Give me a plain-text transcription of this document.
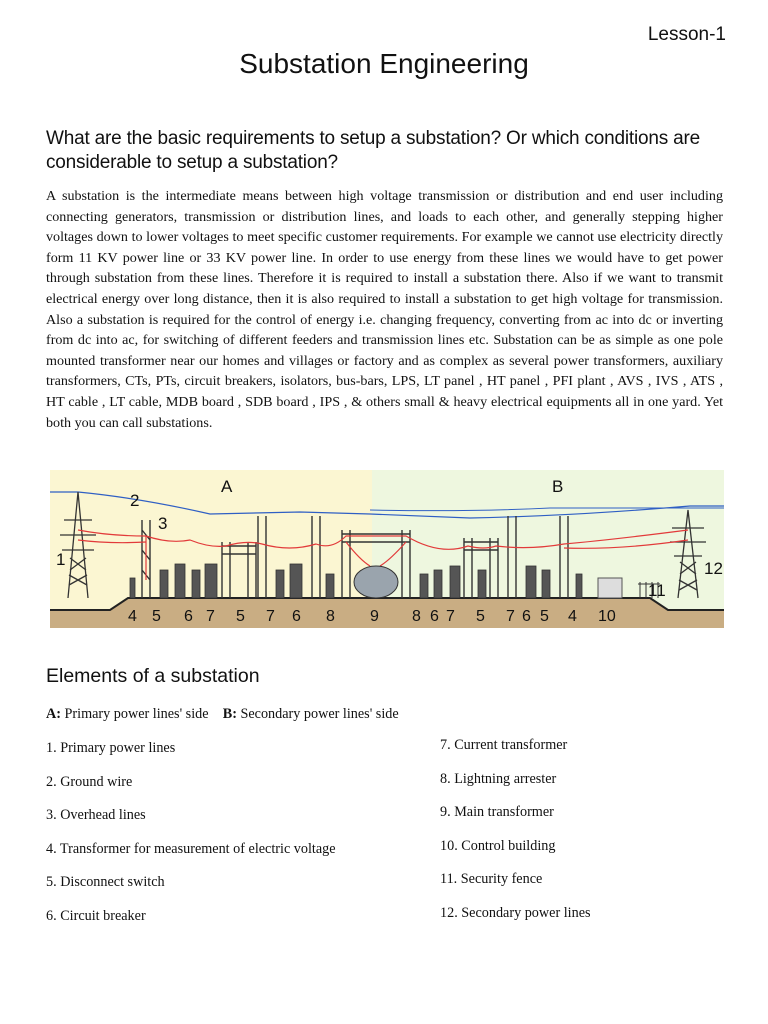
Lesson-1
Substation Engineering
What are the basic requirements to setup a substation? Or which conditions are considerable to setup a substation?

A substation is the intermediate means between high voltage transmission or distribution and end user including connecting generators, transmission or distribution lines, and loads to each other, and generally stepping higher voltages down to lower voltages to meet specific customer requirements. For example we cannot use electricity directly form 11 KV power line or 33 KV power line. In order to use energy from these lines we would have to get power through substation from these lines. Therefore it is required to install a substation there. Also if we want to transmit electrical energy over long distance, then it is also required to install a substation to get high voltage for transmission. Also a substation is required for the control of energy i.e. changing frequency, converting from ac into dc or inverting from dc into ac, for switching of different feeders and transmission lines etc. Substation can be as simple as one pole mounted transformer near our homes and villages or factory and as complex as several power transformers, auxiliary transformers, CTs, PTs, circuit breakers, isolators, bus-bars, LPS, LT panel , HT panel , PFI plant , AVS , IVS , ATS , HT cable , LT cable, MDB board , SDB board , IPS , & others small & heavy electrical equipments all in one yard. Yet both you can call substations.

A	B
1
2
3
11
12
4 5 6 7 5 7 6 8 9 8 6 7 5 7 6 5 4 10
Elements of a substation
A: Primary power lines' side B: Secondary power lines' side
1. Primary power lines
2. Ground wire
3. Overhead lines
4. Transformer for measurement of electric voltage
5. Disconnect switch
6. Circuit breaker
7. Current transformer
8. Lightning arrester
9. Main transformer
10. Control building
11. Security fence
12. Secondary power lines
